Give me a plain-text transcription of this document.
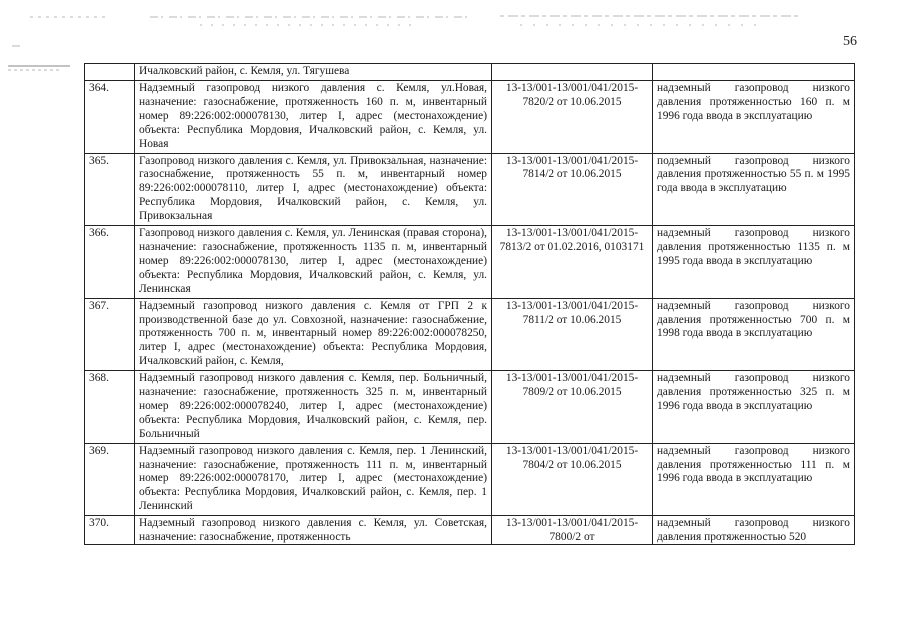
56
	Ичалковский район, с. Кемля, ул. Тягушева		
364.	Надземный газопровод низкого давления с. Кемля, ул.Новая, назначение: газоснабжение, протяженность 160 п. м, инвентарный номер 89:226:002:000078130, литер I, адрес (местонахождение) объекта: Республика Мордовия, Ичалковский район, с. Кемля, ул. Новая	13-13/001-13/001/041/2015-7820/2 от 10.06.2015	надземный газопровод низкого давления протяженностью 160 п. м 1996 года ввода в эксплуатацию
365.	Газопровод низкого давления с. Кемля, ул. Привокзальная, назначение: газоснабжение, протяженность 55 п. м, инвентарный номер 89:226:002:000078110, литер I, адрес (местонахождение) объекта: Республика Мордовия, Ичалковский район, с. Кемля, ул. Привокзальная	13-13/001-13/001/041/2015-7814/2 от 10.06.2015	подземный газопровод низкого давления протяженностью 55 п. м 1995 года ввода в эксплуатацию
366.	Газопровод низкого давления с. Кемля, ул. Ленинская (правая сторона), назначение: газоснабжение, протяженность 1135 п. м, инвентарный номер 89:226:002:000078130, литер I, адрес (местонахождение) объекта: Республика Мордовия, Ичалковский район, с. Кемля, ул. Ленинская	13-13/001-13/001/041/2015-7813/2 от 01.02.2016, 0103171	надземный газопровод низкого давления протяженностью 1135 п. м 1995 года ввода в эксплуатацию
367.	Надземный газопровод низкого давления с. Кемля от ГРП 2 к производственной базе до ул. Совхозной, назначение: газоснабжение, протяженность 700 п. м, инвентарный номер 89:226:002:000078250, литер I, адрес (местонахождение) объекта: Республика Мордовия, Ичалковский район, с. Кемля,	13-13/001-13/001/041/2015-7811/2 от 10.06.2015	надземный газопровод низкого давления протяженностью 700 п. м 1998 года ввода в эксплуатацию
368.	Надземный газопровод низкого давления с. Кемля, пер. Больничный, назначение: газоснабжение, протяженность 325 п. м, инвентарный номер 89:226:002:000078240, литер I, адрес (местонахождение) объекта: Республика Мордовия, Ичалковский район, с. Кемля, пер. Больничный	13-13/001-13/001/041/2015-7809/2 от 10.06.2015	надземный газопровод низкого давления протяженностью 325 п. м 1996 года ввода в эксплуатацию
369.	Надземный газопровод низкого давления с. Кемля, пер. 1 Ленинский, назначение: газоснабжение, протяженность 111 п. м, инвентарный номер 89:226:002:000078170, литер I, адрес (местонахождение) объекта: Республика Мордовия, Ичалковский район, с. Кемля, пер. 1 Ленинский	13-13/001-13/001/041/2015-7804/2 от 10.06.2015	надземный газопровод низкого давления протяженностью 111 п. м 1996 года ввода в эксплуатацию
370.	Надземный газопровод низкого давления с. Кемля, ул. Советская, назначение: газоснабжение, протяженность	13-13/001-13/001/041/2015-7800/2 от	надземный газопровод низкого давления протяженностью 520
